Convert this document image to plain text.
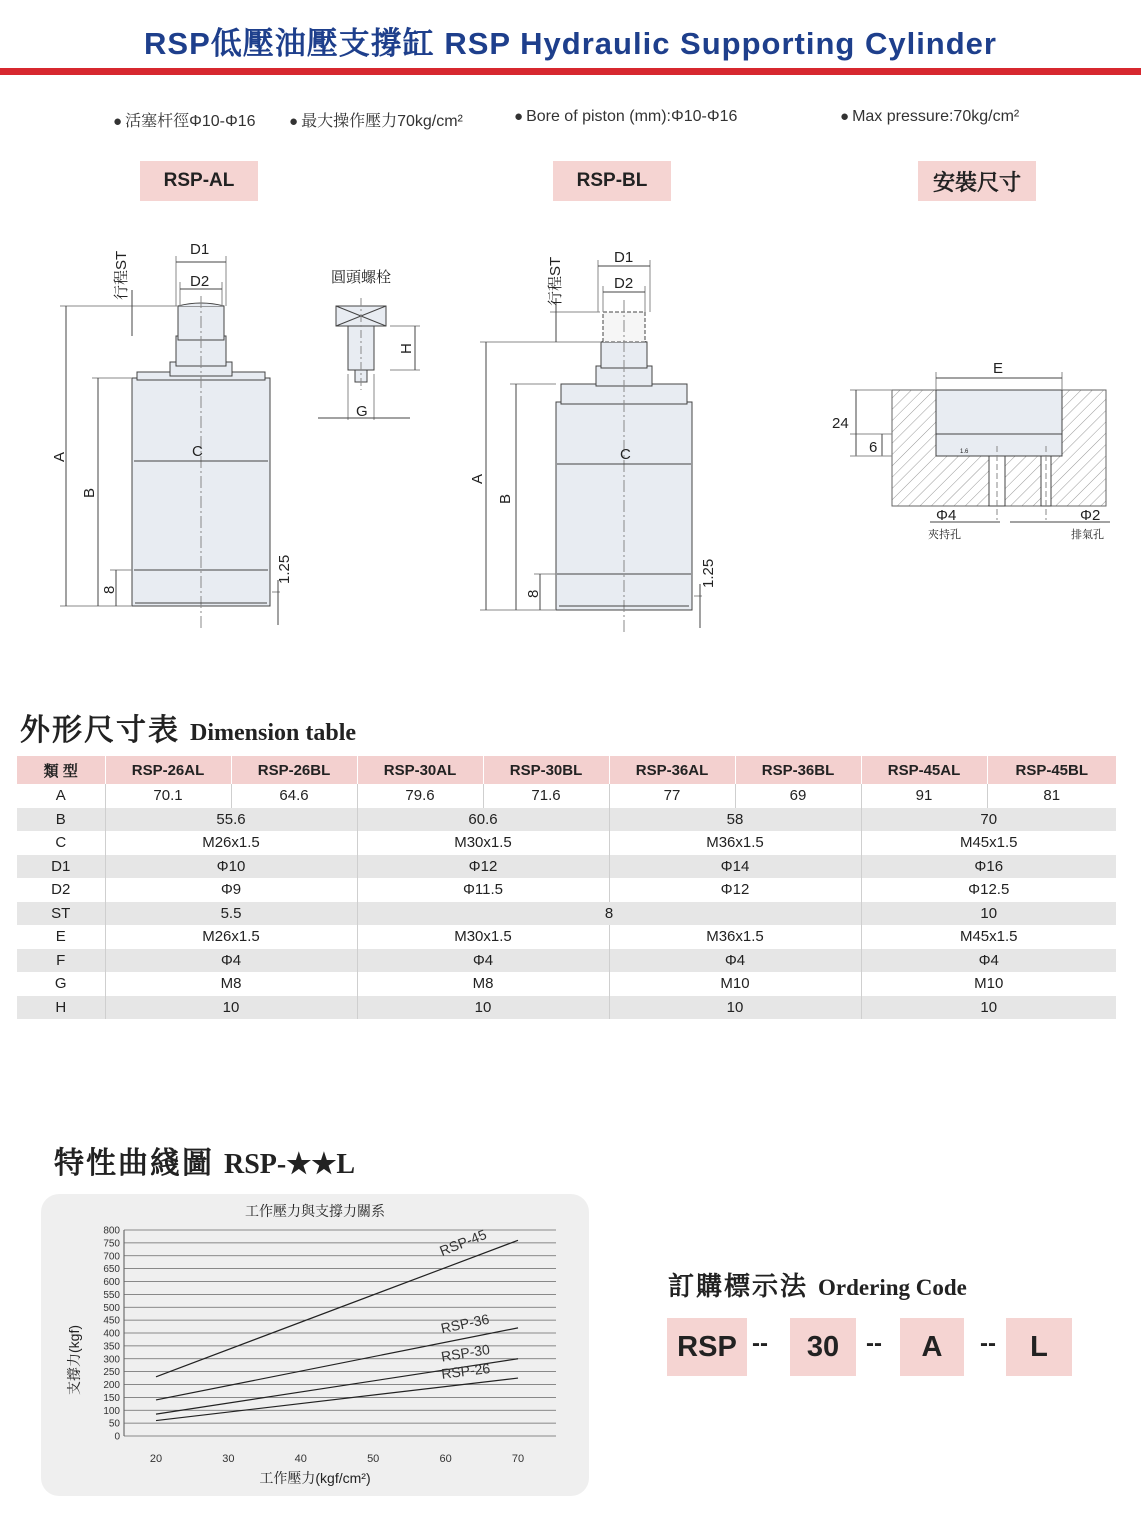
RSP低壓油壓支撐缸 RSP Hydraulic Supporting Cylinder
● 活塞杆徑Φ10-Φ16 ● 最大操作壓力70kg/cm²	● Bore of piston (mm):Φ10-Φ16	● Max pressure:70kg/cm²
RSP-AL	RSP-BL	安裝尺寸
D1
D2
行程ST
A
B
C
8
1.25
圓頭螺栓
H
G
D1
D2
行程ST
A
B
C
8
1.25
E
24
6
Φ4	Φ2
夾持孔	排氣孔
1.6
外形尺寸表 Dimension table
類 型	RSP-26AL	RSP-26BL	RSP-30AL	RSP-30BL	RSP-36AL	RSP-36BL	RSP-45AL	RSP-45BL
A	70.1	64.6	79.6	71.6	77	69	91	81
B	55.6		60.6		58		70	
C	M26x1.5		M30x1.5		M36x1.5		M45x1.5	
D1	Φ10		Φ12		Φ14		Φ16	
D2	Φ9		Φ11.5		Φ12		Φ12.5	
ST	5.5		8				10	
E	M26x1.5		M30x1.5		M36x1.5		M45x1.5	
F	Φ4		Φ4		Φ4		Φ4	
G	M8		M8		M10		M10	
H	10		10		10		10	
特性曲綫圖 RSP-★★L
工作壓力與支撐力關系
0
50
100
150
200
250
300
350
400
450
500
550
600
650
700
750
800
20	30	40	50	60	70
RSP-45
RSP-36
RSP-30
RSP-26
支撐力(kgf)
工作壓力(kgf/cm²)
訂購標示法 Ordering Code
RSP --	30	--	A	--	L
